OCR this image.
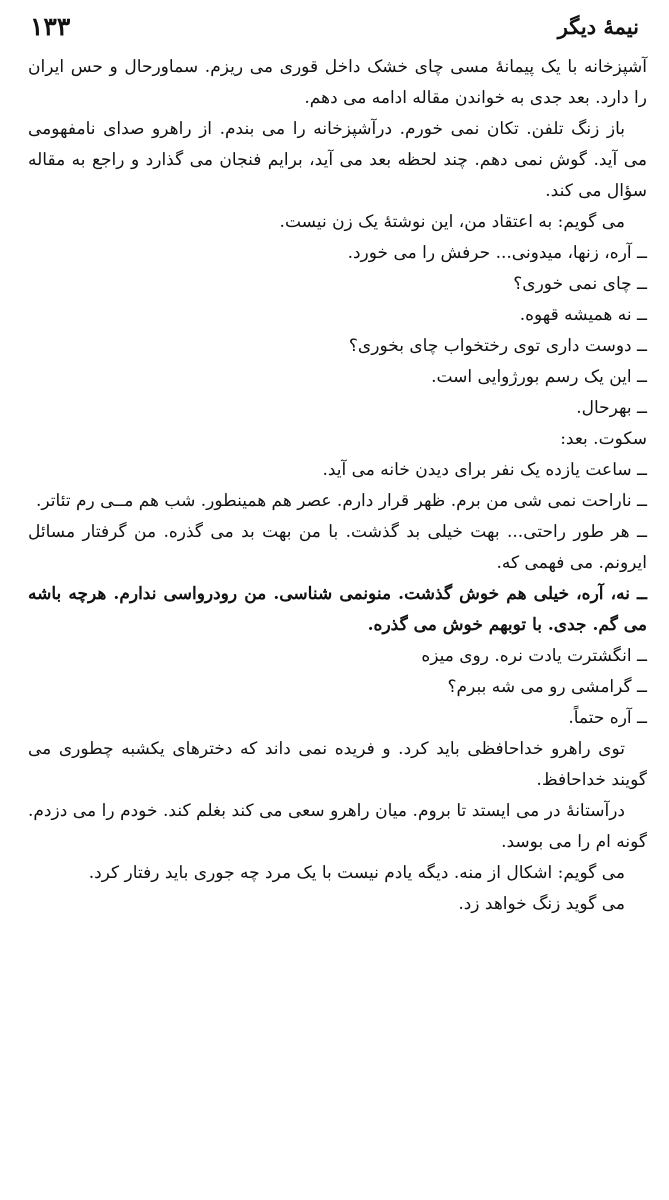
نیمهٔ دیگر
۱۳۳

آشپزخانه با یک پیمانهٔ مسی چای خشک داخل قوری می ریزم. سماورحال و حس ایران را دارد. بعد جدی به خواندن مقاله ادامه می دهم.

باز زنگ تلفن. تکان نمی خورم. درآشپزخانه را می بندم. از راهرو صدای نامفهومی می آید. گوش نمی دهم. چند لحظه بعد می آید، برایم فنجان می گذارد و راجع به مقاله سؤال می کند.

می گویم: به اعتقاد من، این نوشتهٔ یک زن نیست.

ــ آره، زنها، میدونی... حرفش را می خورد.

ــ چای نمی خوری؟

ــ نه همیشه قهوه.

ــ دوست داری توی رختخواب چای بخوری؟

ــ این یک رسم بورژوایی است.

ــ بهرحال.

سکوت. بعد:

ــ ساعت یازده یک نفر برای دیدن خانه می آید.

ــ ناراحت نمی شی من برم. ظهر قرار دارم. عصر هم همینطور. شب هم مــی رم تئاتر.

ــ هر طور راحتی... بهت خیلی بد گذشت. با من بهت بد می گذره. من گرفتار مسائل ایرونم. می فهمی که.

ــ نه، آره، خیلی هم خوش گذشت. منونمی شناسی. من رودرواسی ندارم. هرچه باشه می گم. جدی. با توبهم خوش می گذره.

ــ انگشترت یادت نره. روی میزه

ــ گرامشی رو می شه ببرم؟

ــ آره حتماً.

توی راهرو خداحافظی باید کرد. و فریده نمی داند که دخترهای یکشبه چطوری می گویند خداحافظ.

درآستانهٔ در می ایستد تا بروم. میان راهرو سعی می کند بغلم کند. خودم را می دزدم. گونه ام را می بوسد.

می گویم: اشکال از منه. دیگه یادم نیست با یک مرد چه جوری باید رفتار کرد.

می گوید زنگ خواهد زد.
